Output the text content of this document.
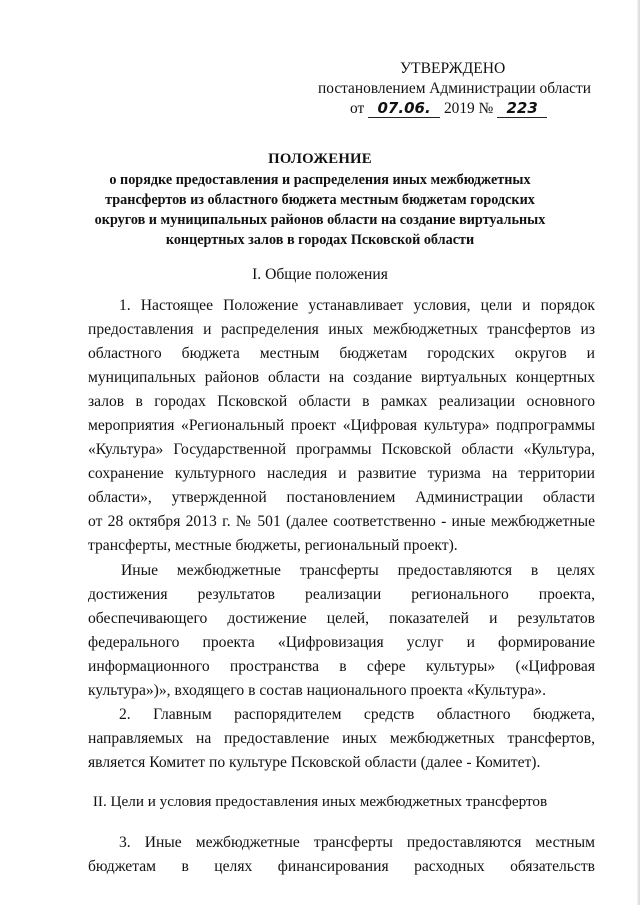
УТВЕРЖДЕНО
постановлением Администрации области
от 07.06. 2019 № 223
ПОЛОЖЕНИЕ
о порядке предоставления и распределения иных межбюджетных
трансфертов из областного бюджета местным бюджетам городских
округов и муниципальных районов области на создание виртуальных
концертных залов в городах Псковской области
I. Общие положения
1. Настоящее Положение устанавливает условия, цели и порядок
предоставления и распределения иных межбюджетных трансфертов из
областного бюджета местным бюджетам городских округов и
муниципальных районов области на создание виртуальных концертных
залов в городах Псковской области в рамках реализации основного
мероприятия «Региональный проект «Цифровая культура» подпрограммы
«Культура» Государственной программы Псковской области «Культура,
сохранение культурного наследия и развитие туризма на территории
области», утвержденной постановлением Администрации области
от 28 октября 2013 г. № 501 (далее соответственно - иные межбюджетные
трансферты, местные бюджеты, региональный проект).
Иные межбюджетные трансферты предоставляются в целях
достижения результатов реализации регионального проекта,
обеспечивающего достижение целей, показателей и результатов
федерального проекта «Цифровизация услуг и формирование
информационного пространства в сфере культуры» («Цифровая
культура»)», входящего в состав национального проекта «Культура».
2. Главным распорядителем средств областного бюджета,
направляемых на предоставление иных межбюджетных трансфертов,
является Комитет по культуре Псковской области (далее - Комитет).
II. Цели и условия предоставления иных межбюджетных трансфертов
3. Иные межбюджетные трансферты предоставляются местным
бюджетам в целях финансирования расходных обязательств
